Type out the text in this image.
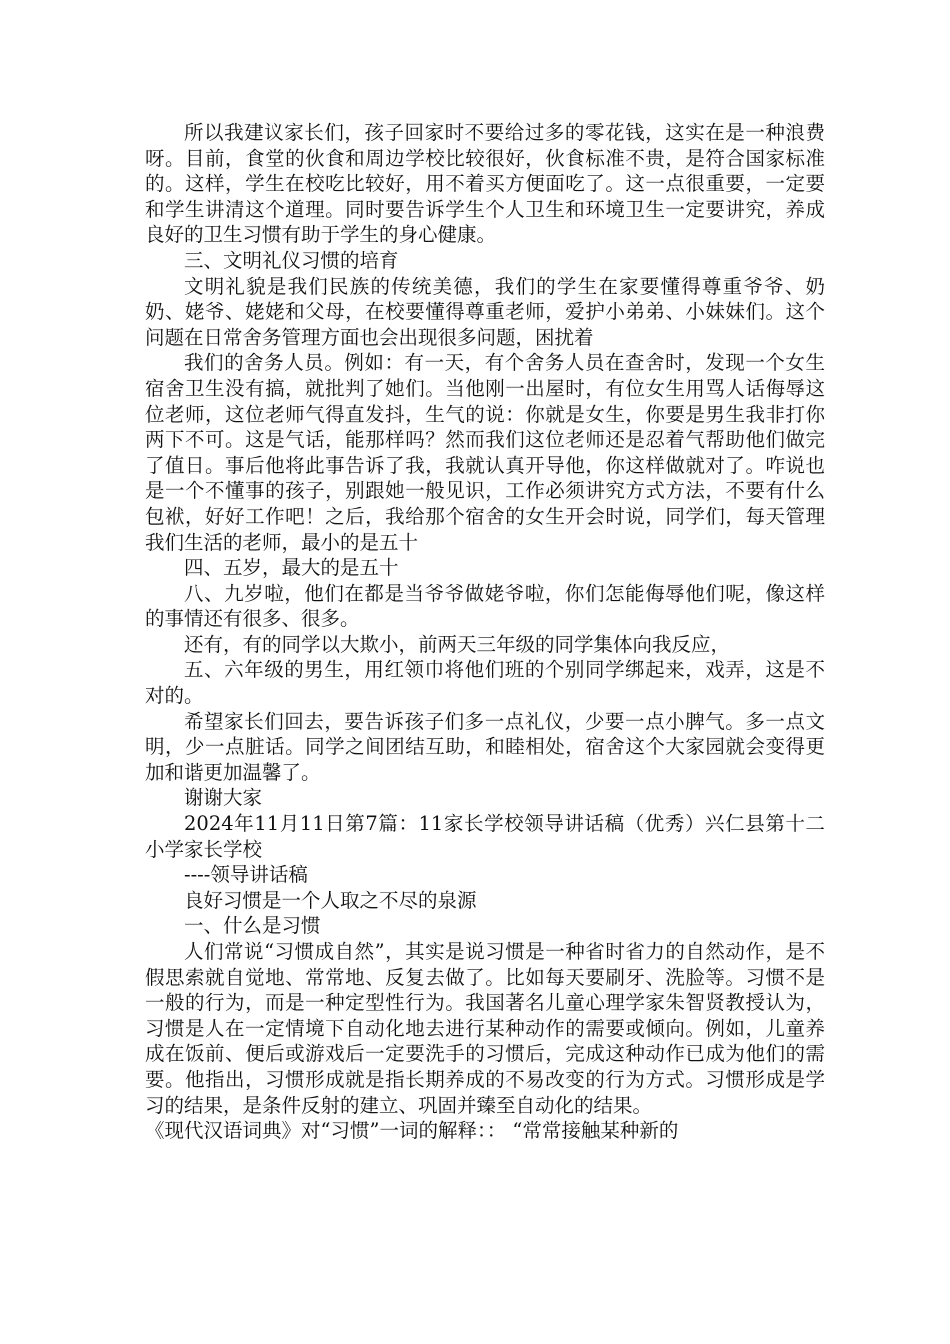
所以我建议家长们，孩子回家时不要给过多的零花钱，这实在是一种浪费呀。目前，食堂的伙食和周边学校比较很好，伙食标准不贵，是符合国家标准的。这样，学生在校吃比较好，用不着买方便面吃了。这一点很重要，一定要和学生讲清这个道理。同时要告诉学生个人卫生和环境卫生一定要讲究，养成良好的卫生习惯有助于学生的身心健康。

三、文明礼仪习惯的培育

文明礼貌是我们民族的传统美德，我们的学生在家要懂得尊重爷爷、奶奶、姥爷、姥姥和父母，在校要懂得尊重老师，爱护小弟弟、小妹妹们。这个问题在日常舍务管理方面也会出现很多问题，困扰着

我们的舍务人员。例如：有一天，有个舍务人员在查舍时，发现一个女生宿舍卫生没有搞，就批判了她们。当他刚一出屋时，有位女生用骂人话侮辱这位老师，这位老师气得直发抖，生气的说：你就是女生，你要是男生我非打你两下不可。这是气话，能那样吗？然而我们这位老师还是忍着气帮助他们做完了值日。事后他将此事告诉了我，我就认真开导他，你这样做就对了。咋说也是一个不懂事的孩子，别跟她一般见识，工作必须讲究方式方法，不要有什么包袱，好好工作吧！之后，我给那个宿舍的女生开会时说，同学们，每天管理我们生活的老师，最小的是五十

四、五岁，最大的是五十

八、九岁啦，他们在都是当爷爷做姥爷啦，你们怎能侮辱他们呢，像这样的事情还有很多、很多。

还有，有的同学以大欺小，前两天三年级的同学集体向我反应，

五、六年级的男生，用红领巾将他们班的个别同学绑起来，戏弄，这是不对的。

希望家长们回去，要告诉孩子们多一点礼仪，少要一点小脾气。多一点文明，少一点脏话。同学之间团结互助，和睦相处，宿舍这个大家园就会变得更加和谐更加温馨了。

谢谢大家

2024年11月11日第7篇：11家长学校领导讲话稿（优秀）兴仁县第十二小学家长学校

----领导讲话稿

良好习惯是一个人取之不尽的泉源

一、什么是习惯

人们常说“习惯成自然”，其实是说习惯是一种省时省力的自然动作，是不假思索就自觉地、常常地、反复去做了。比如每天要刷牙、洗脸等。习惯不是一般的行为，而是一种定型性行为。我国著名儿童心理学家朱智贤教授认为，习惯是人在一定情境下自动化地去进行某种动作的需要或倾向。例如，儿童养成在饭前、便后或游戏后一定要洗手的习惯后，完成这种动作已成为他们的需要。他指出，习惯形成就是指长期养成的不易改变的行为方式。习惯形成是学习的结果，是条件反射的建立、巩固并臻至自动化的结果。

《现代汉语词典》对“习惯”一词的解释：： “常常接触某种新的
